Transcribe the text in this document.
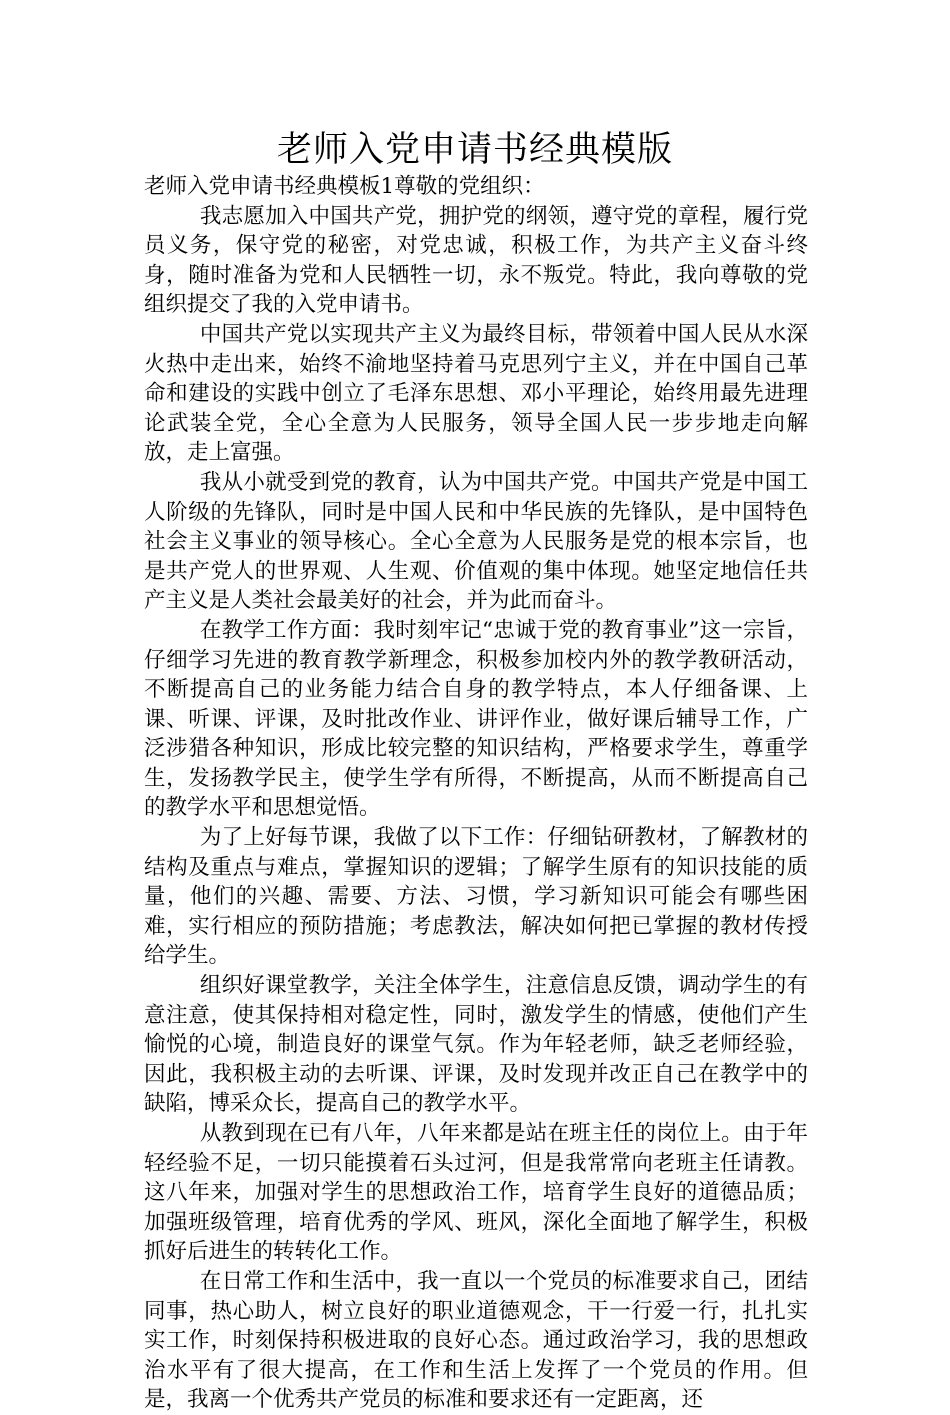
老师入党申请书经典模版

老师入党申请书经典模板1尊敬的党组织：

我志愿加入中国共产党，拥护党的纲领，遵守党的章程，履行党员义务，保守党的秘密，对党忠诚，积极工作，为共产主义奋斗终身，随时准备为党和人民牺牲一切，永不叛党。特此，我向尊敬的党组织提交了我的入党申请书。

中国共产党以实现共产主义为最终目标，带领着中国人民从水深火热中走出来，始终不渝地坚持着马克思列宁主义，并在中国自己革命和建设的实践中创立了毛泽东思想、邓小平理论，始终用最先进理论武装全党，全心全意为人民服务，领导全国人民一步步地走向解放，走上富强。

我从小就受到党的教育，认为中国共产党。中国共产党是中国工人阶级的先锋队，同时是中国人民和中华民族的先锋队，是中国特色社会主义事业的领导核心。全心全意为人民服务是党的根本宗旨，也是共产党人的世界观、人生观、价值观的集中体现。她坚定地信任共产主义是人类社会最美好的社会，并为此而奋斗。

在教学工作方面：我时刻牢记“忠诚于党的教育事业”这一宗旨，仔细学习先进的教育教学新理念，积极参加校内外的教学教研活动，不断提高自己的业务能力结合自身的教学特点，本人仔细备课、上课、听课、评课，及时批改作业、讲评作业，做好课后辅导工作，广泛涉猎各种知识，形成比较完整的知识结构，严格要求学生，尊重学生，发扬教学民主，使学生学有所得，不断提高，从而不断提高自己的教学水平和思想觉悟。

为了上好每节课，我做了以下工作：仔细钻研教材，了解教材的结构及重点与难点，掌握知识的逻辑；了解学生原有的知识技能的质量，他们的兴趣、需要、方法、习惯，学习新知识可能会有哪些困难，实行相应的预防措施；考虑教法，解决如何把已掌握的教材传授给学生。

组织好课堂教学，关注全体学生，注意信息反馈，调动学生的有意注意，使其保持相对稳定性，同时，激发学生的情感，使他们产生愉悦的心境，制造良好的课堂气氛。作为年轻老师，缺乏老师经验，因此，我积极主动的去听课、评课，及时发现并改正自己在教学中的缺陷，博采众长，提高自己的教学水平。

从教到现在已有八年，八年来都是站在班主任的岗位上。由于年轻经验不足，一切只能摸着石头过河，但是我常常向老班主任请教。这八年来，加强对学生的思想政治工作，培育学生良好的道德品质；加强班级管理，培育优秀的学风、班风，深化全面地了解学生，积极抓好后进生的转转化工作。

在日常工作和生活中，我一直以一个党员的标准要求自己，团结同事，热心助人，树立良好的职业道德观念，干一行爱一行，扎扎实实工作，时刻保持积极进取的良好心态。通过政治学习，我的思想政治水平有了很大提高，在工作和生活上发挥了一个党员的作用。但是，我离一个优秀共产党员的标准和要求还有一定距离，还
